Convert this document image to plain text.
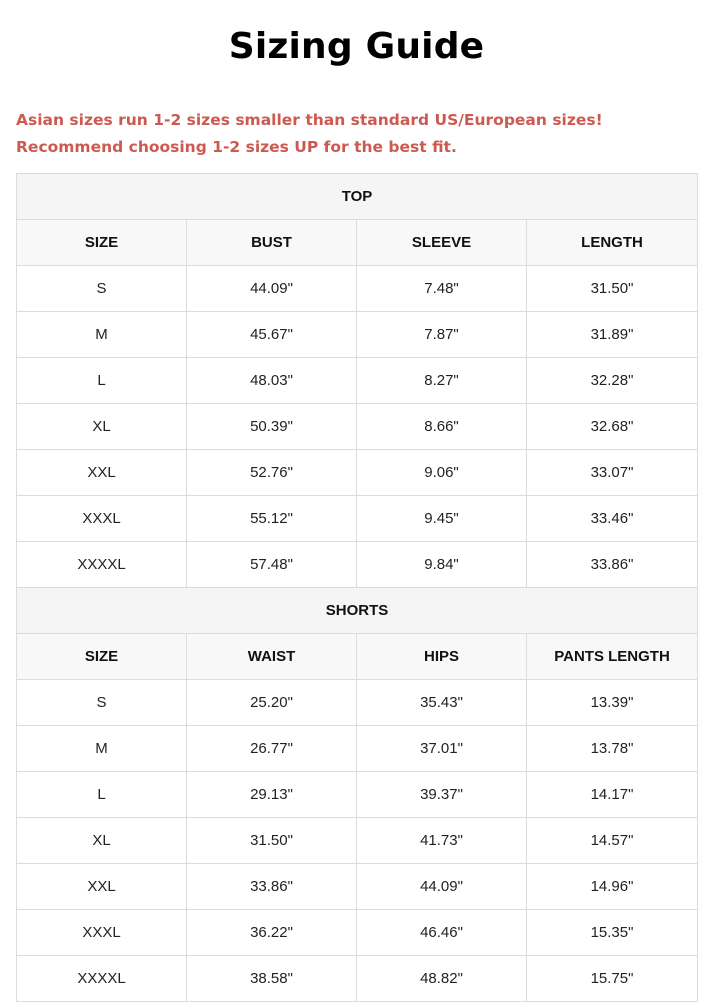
Sizing Guide
Asian sizes run 1-2 sizes smaller than standard US/European sizes! Recommend choosing 1-2 sizes UP for the best fit.
TOP			
SIZE	BUST	SLEEVE	LENGTH
S	44.09"	7.48"	31.50"
M	45.67"	7.87"	31.89"
L	48.03"	8.27"	32.28"
XL	50.39"	8.66"	32.68"
XXL	52.76"	9.06"	33.07"
XXXL	55.12"	9.45"	33.46"
XXXXL	57.48"	9.84"	33.86"
SHORTS			
SIZE	WAIST	HIPS	PANTS LENGTH
S	25.20"	35.43"	13.39"
M	26.77"	37.01"	13.78"
L	29.13"	39.37"	14.17"
XL	31.50"	41.73"	14.57"
XXL	33.86"	44.09"	14.96"
XXXL	36.22"	46.46"	15.35"
XXXXL	38.58"	48.82"	15.75"
